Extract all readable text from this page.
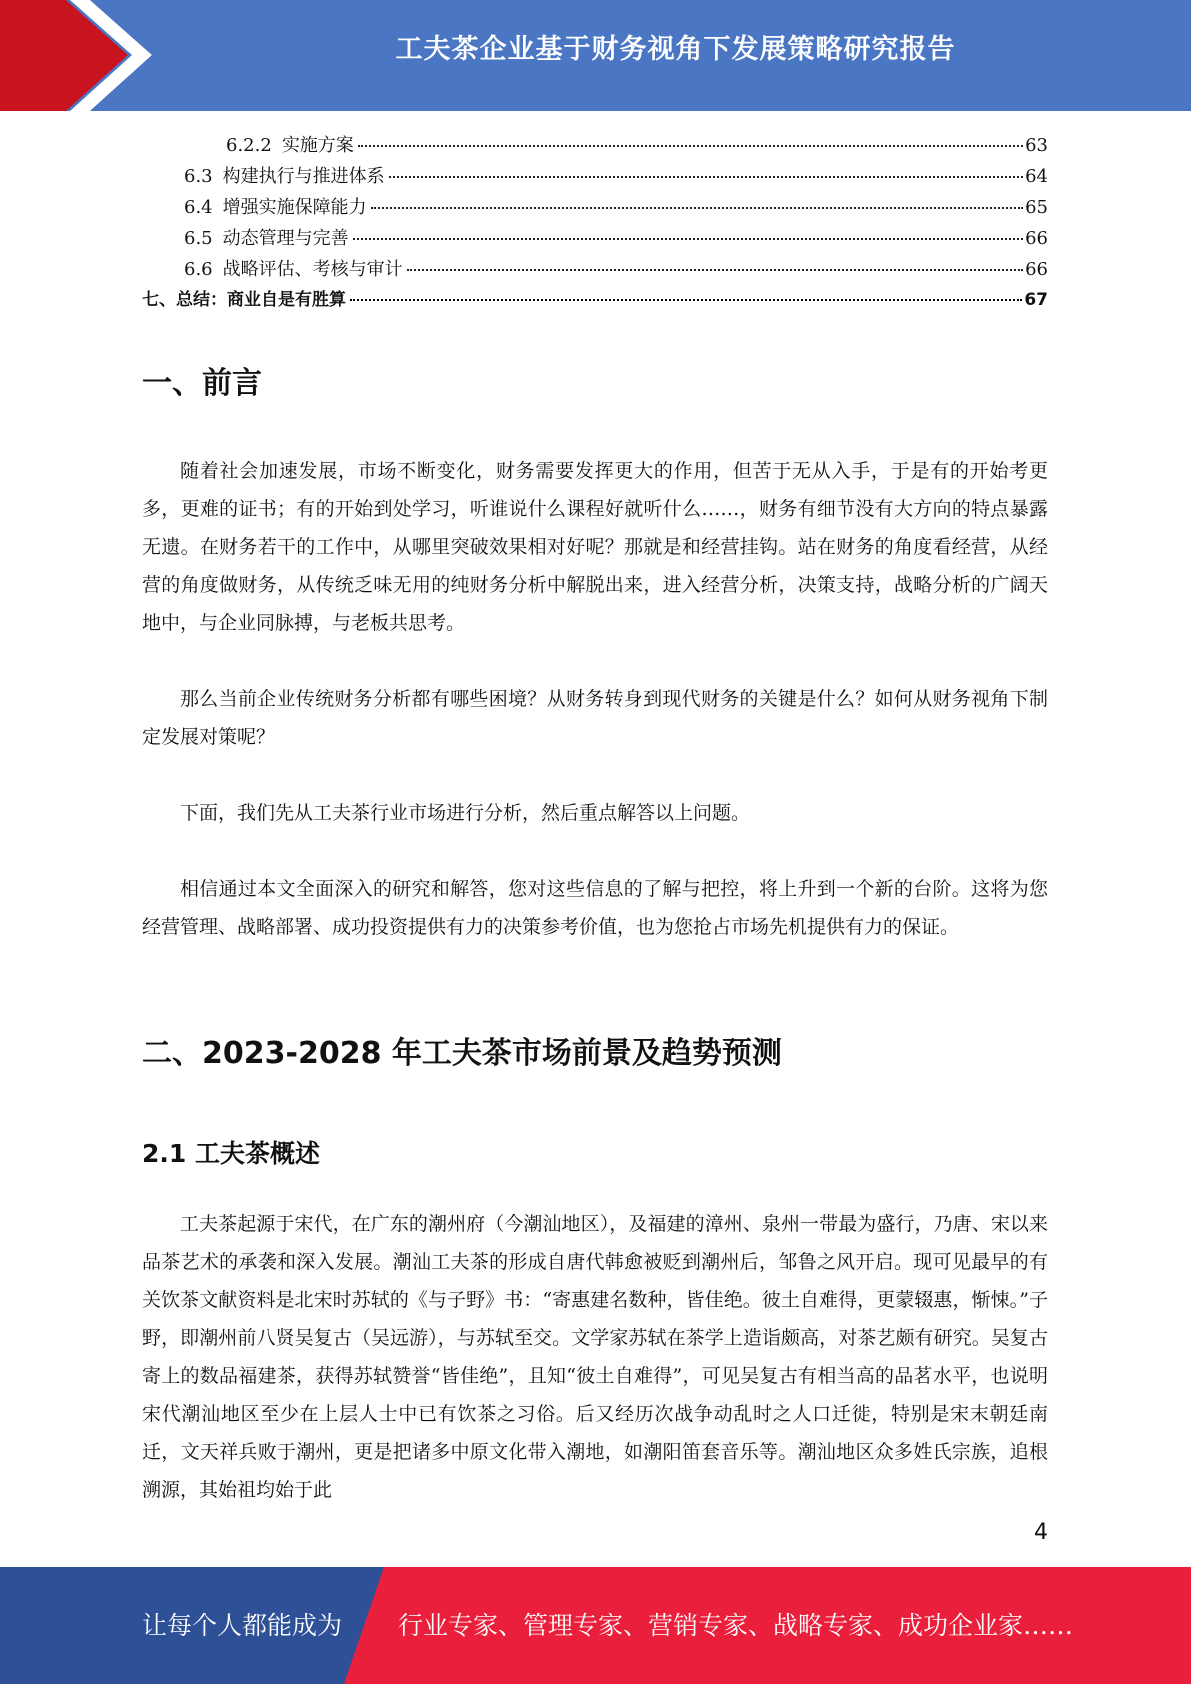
工夫茶企业基于财务视角下发展策略研究报告
6.2.2 实施方案	63
6.3 构建执行与推进体系	64
6.4 增强实施保障能力	65
6.5 动态管理与完善	66
6.6 战略评估、考核与审计	66
七、总结：商业自是有胜算	67
一、前言

随着社会加速发展，市场不断变化，财务需要发挥更大的作用，但苦于无从入手，于是有的开始考更多，更难的证书；有的开始到处学习，听谁说什么课程好就听什么……，财务有细节没有大方向的特点暴露无遗。在财务若干的工作中，从哪里突破效果相对好呢？那就是和经营挂钩。站在财务的角度看经营，从经营的角度做财务，从传统乏味无用的纯财务分析中解脱出来，进入经营分析，决策支持，战略分析的广阔天地中，与企业同脉搏，与老板共思考。

那么当前企业传统财务分析都有哪些困境？从财务转身到现代财务的关键是什么？如何从财务视角下制定发展对策呢？

下面，我们先从工夫茶行业市场进行分析，然后重点解答以上问题。

相信通过本文全面深入的研究和解答，您对这些信息的了解与把控，将上升到一个新的台阶。这将为您经营管理、战略部署、成功投资提供有力的决策参考价值，也为您抢占市场先机提供有力的保证。

二、2023-2028 年工夫茶市场前景及趋势预测
2.1 工夫茶概述

工夫茶起源于宋代，在广东的潮州府（今潮汕地区），及福建的漳州、泉州一带最为盛行，乃唐、宋以来品茶艺术的承袭和深入发展。潮汕工夫茶的形成自唐代韩愈被贬到潮州后，邹鲁之风开启。现可见最早的有关饮茶文献资料是北宋时苏轼的《与子野》书：“寄惠建名数种，皆佳绝。彼土自难得，更蒙辍惠，惭悚。”子野，即潮州前八贤吴复古（吴远游），与苏轼至交。文学家苏轼在茶学上造诣颇高，对茶艺颇有研究。吴复古寄上的数品福建茶，获得苏轼赞誉“皆佳绝”，且知“彼土自难得”，可见吴复古有相当高的品茗水平，也说明宋代潮汕地区至少在上层人士中已有饮茶之习俗。后又经历次战争动乱时之人口迁徙，特别是宋末朝廷南迁，文天祥兵败于潮州，更是把诸多中原文化带入潮地，如潮阳笛套音乐等。潮汕地区众多姓氏宗族，追根溯源，其始祖均始于此

4
让每个人都能成为 行业专家、管理专家、营销专家、战略专家、成功企业家……
